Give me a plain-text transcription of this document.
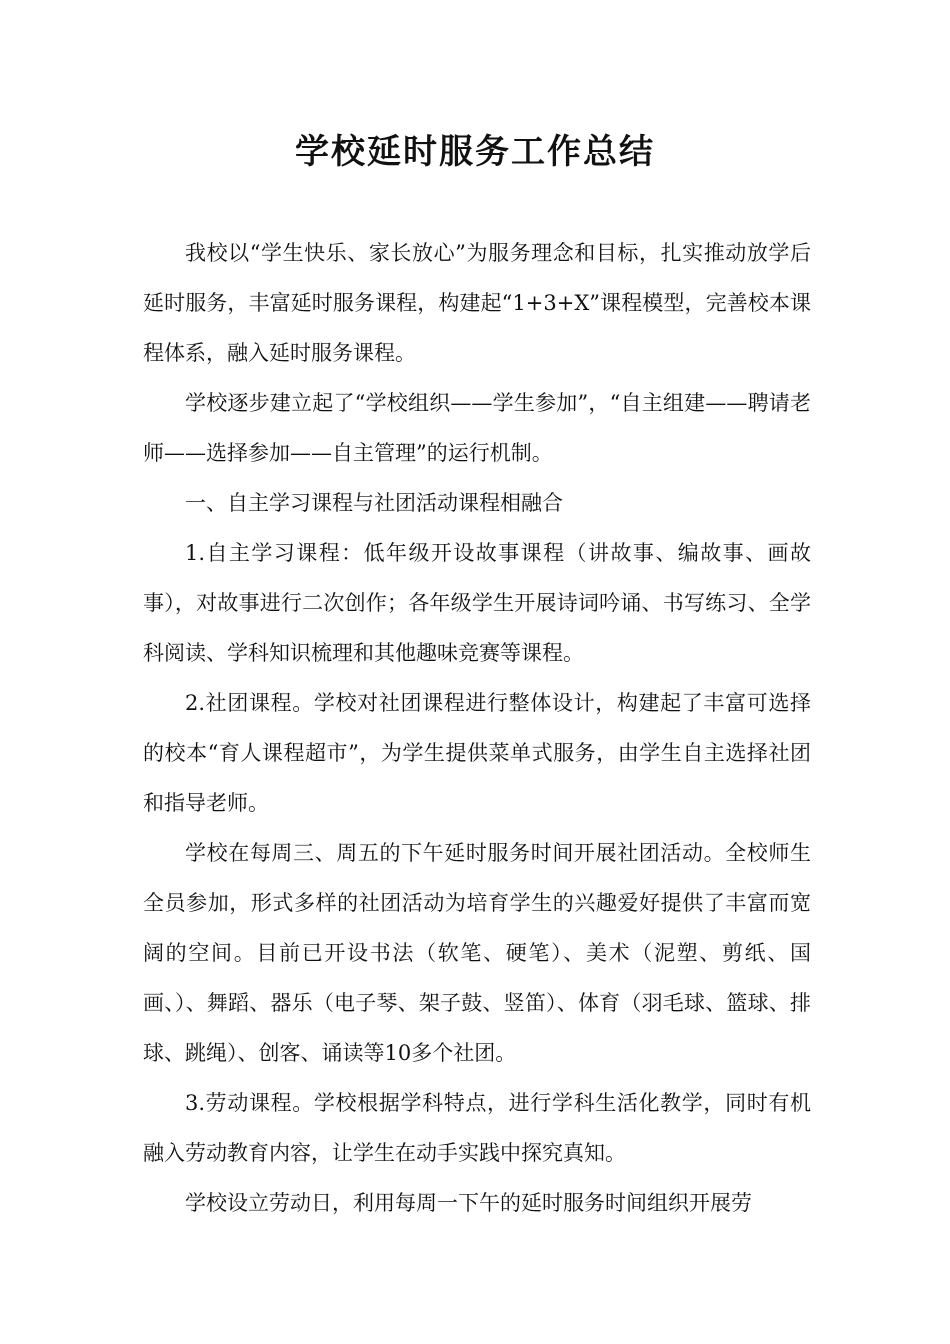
学校延时服务工作总结

我校以“学生快乐、家长放心”为服务理念和目标，扎实推动放学后延时服务，丰富延时服务课程，构建起“1+3+X”课程模型，完善校本课程体系，融入延时服务课程。

学校逐步建立起了“学校组织——学生参加”，“自主组建——聘请老师——选择参加——自主管理”的运行机制。

一、自主学习课程与社团活动课程相融合

1.自主学习课程：低年级开设故事课程（讲故事、编故事、画故事），对故事进行二次创作；各年级学生开展诗词吟诵、书写练习、全学科阅读、学科知识梳理和其他趣味竞赛等课程。

2.社团课程。学校对社团课程进行整体设计，构建起了丰富可选择的校本“育人课程超市”，为学生提供菜单式服务，由学生自主选择社团和指导老师。

学校在每周三、周五的下午延时服务时间开展社团活动。全校师生全员参加，形式多样的社团活动为培育学生的兴趣爱好提供了丰富而宽阔的空间。目前已开设书法（软笔、硬笔）、美术（泥塑、剪纸、国画、）、舞蹈、器乐（电子琴、架子鼓、竖笛）、体育（羽毛球、篮球、排球、跳绳）、创客、诵读等10多个社团。

3.劳动课程。学校根据学科特点，进行学科生活化教学，同时有机融入劳动教育内容，让学生在动手实践中探究真知。

学校设立劳动日，利用每周一下午的延时服务时间组织开展劳
